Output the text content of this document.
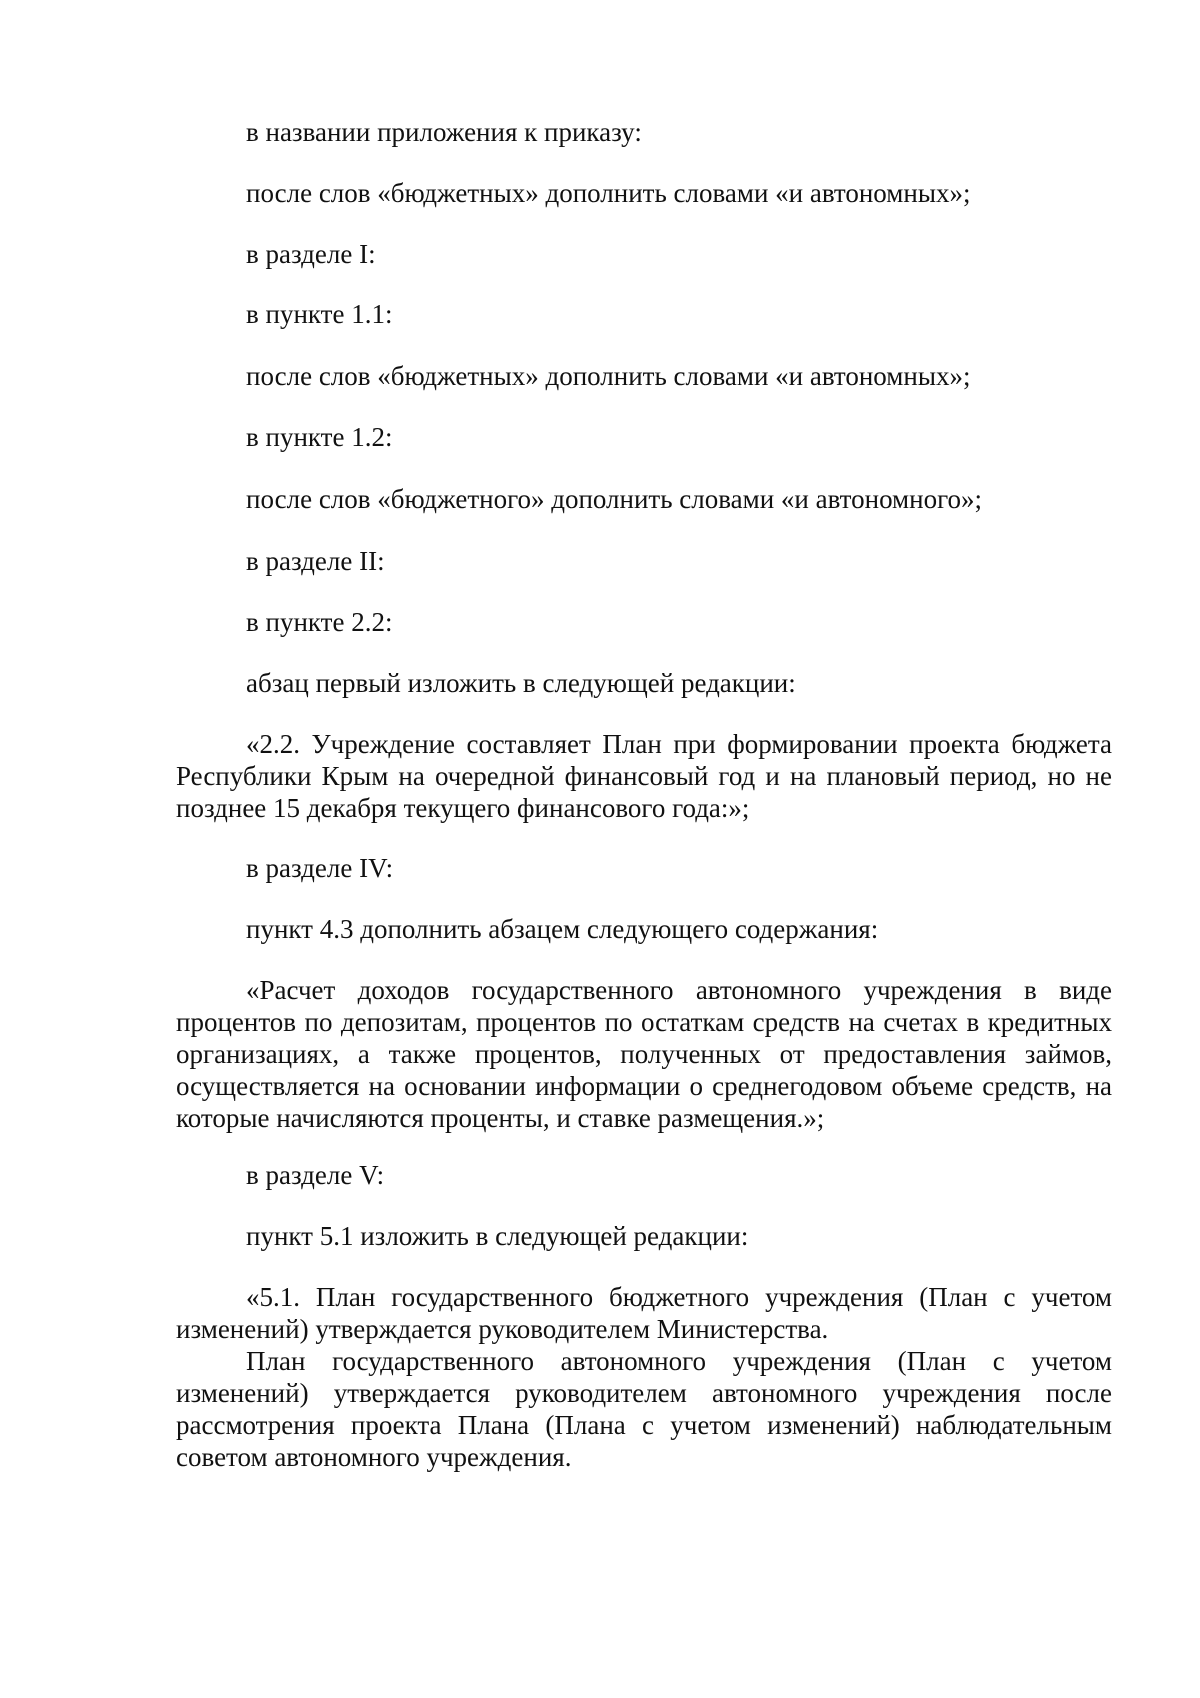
в названии приложения к приказу:

после слов «бюджетных» дополнить словами «и автономных»;

в разделе I:

в пункте 1.1:

после слов «бюджетных» дополнить словами «и автономных»;

в пункте 1.2:

после слов «бюджетного» дополнить словами «и автономного»;

в разделе II:

в пункте 2.2:

абзац первый изложить в следующей редакции:

«2.2. Учреждение составляет План при формировании проекта бюджета Республики Крым на очередной финансовый год и на плановый период, но не позднее 15 декабря текущего финансового года:»;

в разделе IV:

пункт 4.3 дополнить абзацем следующего содержания:

«Расчет доходов государственного автономного учреждения в виде процентов по депозитам, процентов по остаткам средств на счетах в кредитных организациях, а также процентов, полученных от предоставления займов, осуществляется на основании информации о среднегодовом объеме средств, на которые начисляются проценты, и ставке размещения.»;

в разделе V:

пункт 5.1 изложить в следующей редакции:

«5.1. План государственного бюджетного учреждения (План с учетом изменений) утверждается руководителем Министерства.

План государственного автономного учреждения (План с учетом изменений) утверждается руководителем автономного учреждения после рассмотрения проекта Плана (Плана с учетом изменений) наблюдательным советом автономного учреждения.
